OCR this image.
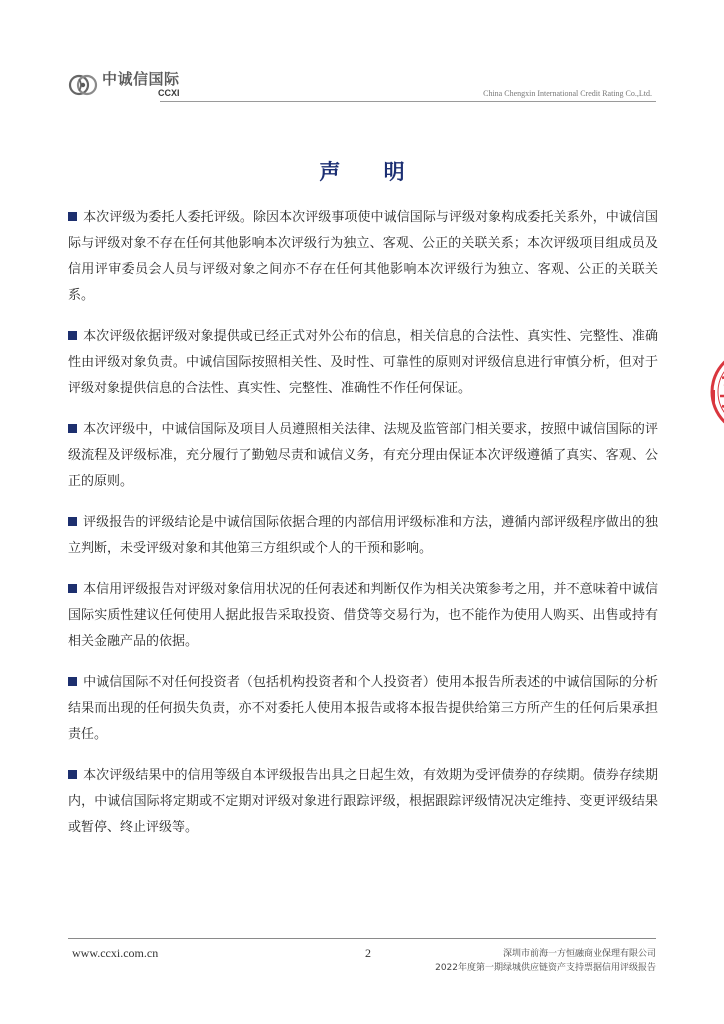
中诚信国际
CCXI	China Chengxin International Credit Rating Co.,Ltd.
声 明

本次评级为委托人委托评级。除因本次评级事项使中诚信国际与评级对象构成委托关系外，中诚信国际与评级对象不存在任何其他影响本次评级行为独立、客观、公正的关联关系；本次评级项目组成员及信用评审委员会人员与评级对象之间亦不存在任何其他影响本次评级行为独立、客观、公正的关联关系。

本次评级依据评级对象提供或已经正式对外公布的信息，相关信息的合法性、真实性、完整性、准确性由评级对象负责。中诚信国际按照相关性、及时性、可靠性的原则对评级信息进行审慎分析，但对于评级对象提供信息的合法性、真实性、完整性、准确性不作任何保证。

本次评级中，中诚信国际及项目人员遵照相关法律、法规及监管部门相关要求，按照中诚信国际的评级流程及评级标准，充分履行了勤勉尽责和诚信义务，有充分理由保证本次评级遵循了真实、客观、公正的原则。

评级报告的评级结论是中诚信国际依据合理的内部信用评级标准和方法，遵循内部评级程序做出的独立判断，未受评级对象和其他第三方组织或个人的干预和影响。

本信用评级报告对评级对象信用状况的任何表述和判断仅作为相关决策参考之用，并不意味着中诚信国际实质性建议任何使用人据此报告采取投资、借贷等交易行为，也不能作为使用人购买、出售或持有相关金融产品的依据。

中诚信国际不对任何投资者（包括机构投资者和个人投资者）使用本报告所表述的中诚信国际的分析结果而出现的任何损失负责，亦不对委托人使用本报告或将本报告提供给第三方所产生的任何后果承担责任。

本次评级结果中的信用等级自本评级报告出具之日起生效，有效期为受评债券的存续期。债券存续期内，中诚信国际将定期或不定期对评级对象进行跟踪评级，根据跟踪评级情况决定维持、变更评级结果或暂停、终止评级等。

www.ccxi.com.cn	2	深圳市前海一方恒融商业保理有限公司
2022年度第一期绿城供应链资产支持票据信用评级报告
